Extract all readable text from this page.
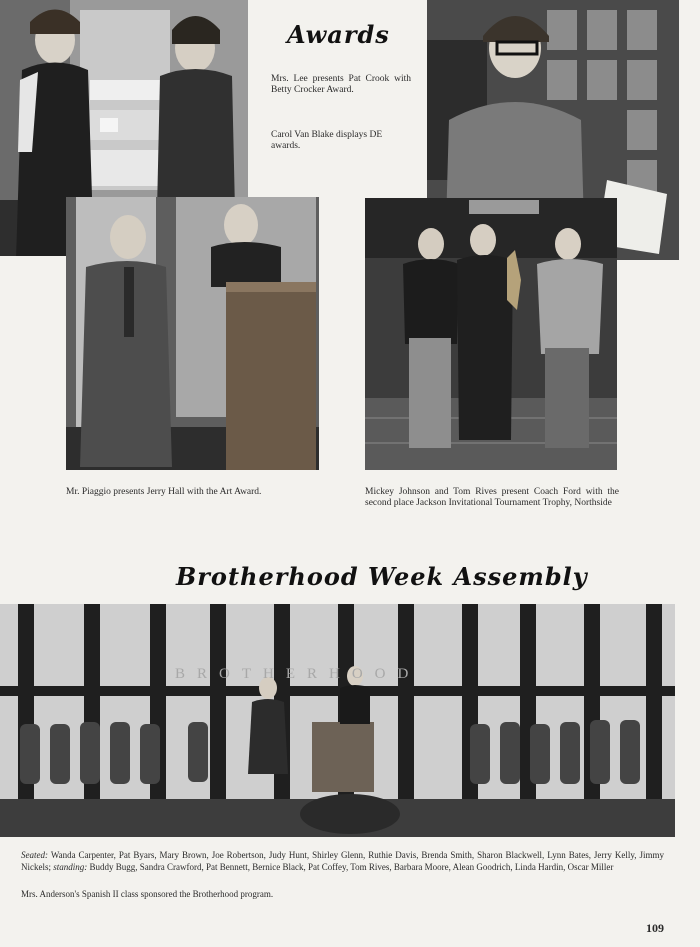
Awards
Mrs. Lee presents Pat Crook with Betty Crocker Award.
Carol Van Blake displays DE awards.
Mr. Piaggio presents Jerry Hall with the Art Award.	Mickey Johnson and Tom Rives present Coach Ford with the second place Jackson Invitational Tournament Trophy, Northside
Brotherhood Week Assembly
BROTHERHOOD
Seated: Wanda Carpenter, Pat Byars, Mary Brown, Joe Robertson, Judy Hunt, Shirley Glenn, Ruthie Davis, Brenda Smith, Sharon Blackwell, Lynn Bates, Jerry Kelly, Jimmy Nickels; standing: Buddy Bugg, Sandra Crawford, Pat Bennett, Bernice Black, Pat Coffey, Tom Rives, Barbara Moore, Alean Goodrich, Linda Hardin, Oscar Miller
Mrs. Anderson's Spanish II class sponsored the Brotherhood program.
109
